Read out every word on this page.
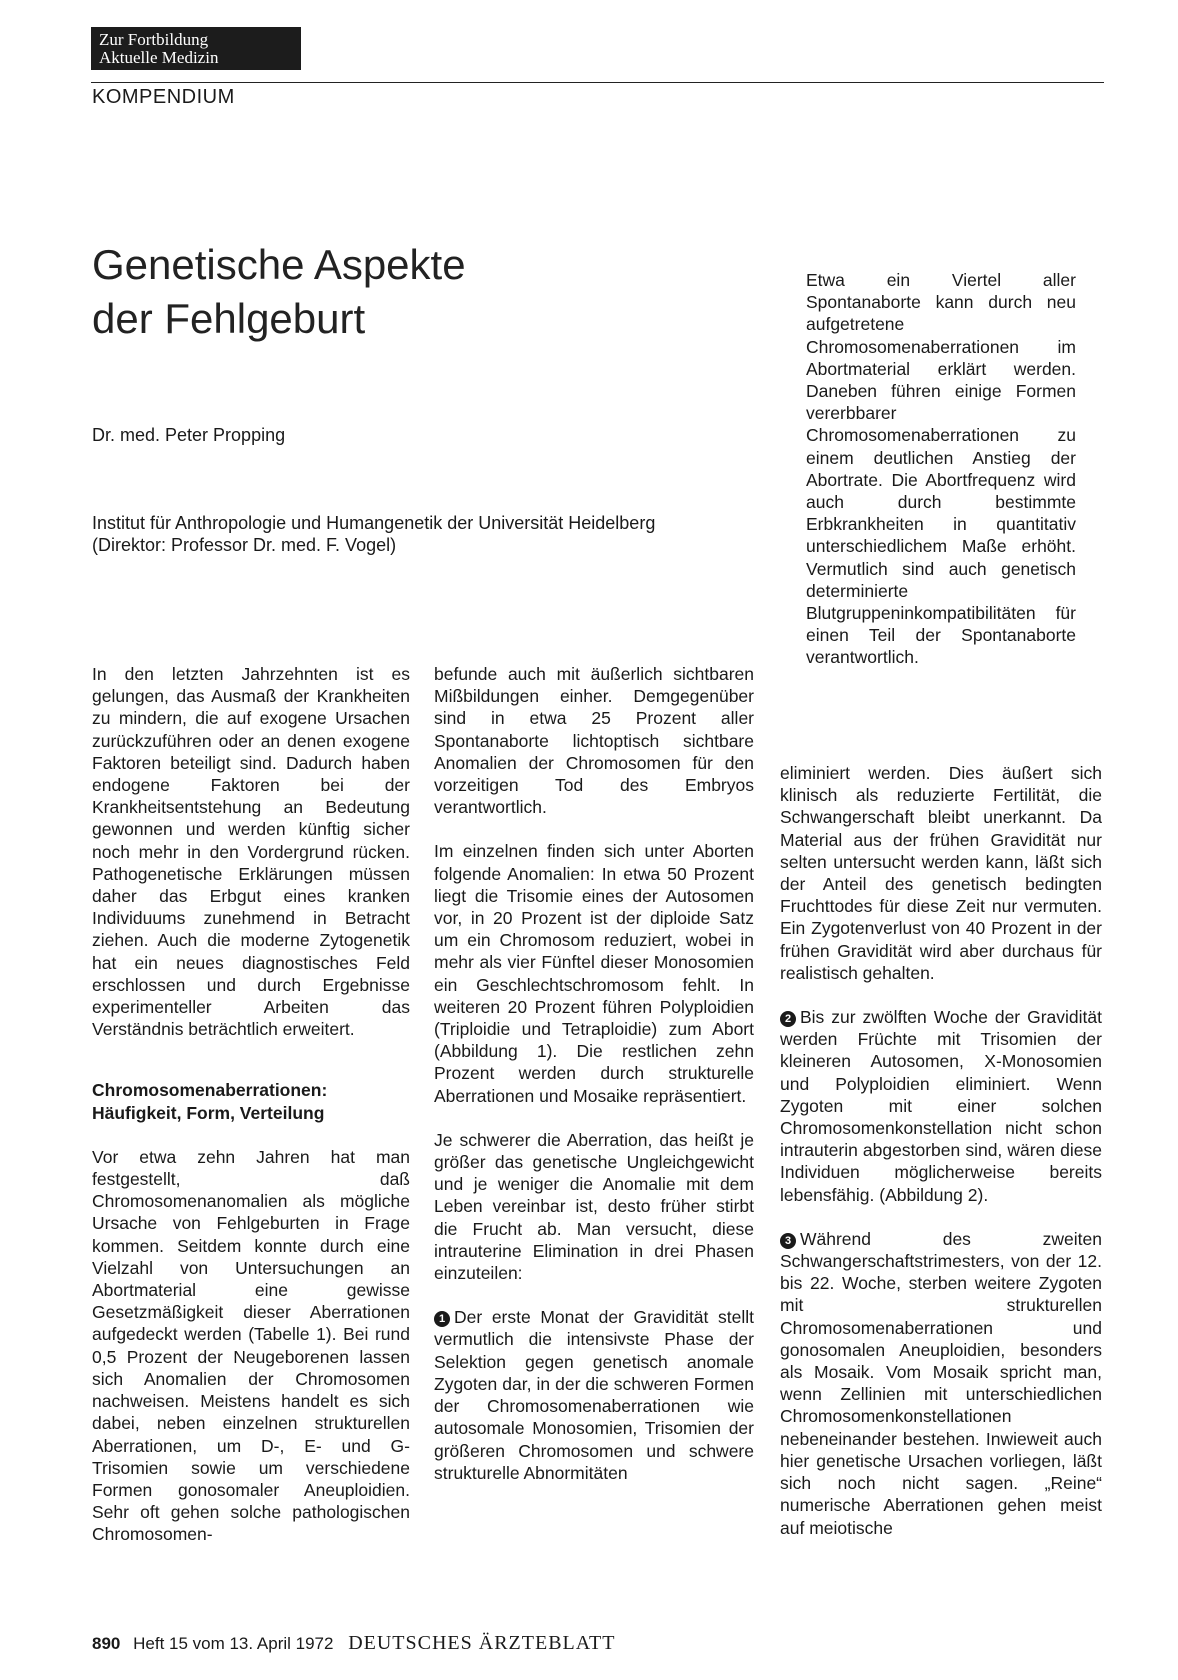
Zur Fortbildung
Aktuelle Medizin
KOMPENDIUM
Genetische Aspekte
der Fehlgeburt
Dr. med. Peter Propping
Institut für Anthropologie und Humangenetik der Universität Heidelberg
(Direktor: Professor Dr. med. F. Vogel)
Etwa ein Viertel aller Spontanaborte kann durch neu aufgetretene Chromosomenaberrationen im Abortmaterial erklärt werden. Daneben führen einige Formen vererbbarer Chromosomenaberrationen zu einem deutlichen Anstieg der Abortrate. Die Abortfrequenz wird auch durch bestimmte Erbkrankheiten in quantitativ unterschiedlichem Maße erhöht. Vermutlich sind auch genetisch determinierte Blutgruppeninkompatibilitäten für einen Teil der Spontanaborte verantwortlich.

In den letzten Jahrzehnten ist es gelungen, das Ausmaß der Krankheiten zu mindern, die auf exogene Ursachen zurückzuführen oder an denen exogene Faktoren beteiligt sind. Dadurch haben endogene Faktoren bei der Krankheitsentstehung an Bedeutung gewonnen und werden künftig sicher noch mehr in den Vordergrund rücken. Pathogenetische Erklärungen müssen daher das Erbgut eines kranken Individuums zunehmend in Betracht ziehen. Auch die moderne Zytogenetik hat ein neues diagnostisches Feld erschlossen und durch Ergebnisse experimenteller Arbeiten das Verständnis beträchtlich erweitert.

Chromosomenaberrationen:
Häufigkeit, Form, Verteilung

Vor etwa zehn Jahren hat man festgestellt, daß Chromosomenanomalien als mögliche Ursache von Fehlgeburten in Frage kommen. Seitdem konnte durch eine Vielzahl von Untersuchungen an Abortmaterial eine gewisse Gesetzmäßigkeit dieser Aberrationen aufgedeckt werden (Tabelle 1). Bei rund 0,5 Prozent der Neugeborenen lassen sich Anomalien der Chromosomen nachweisen. Meistens handelt es sich dabei, neben einzelnen strukturellen Aberrationen, um D-, E- und G-Trisomien sowie um verschiedene Formen gonosomaler Aneuploidien. Sehr oft gehen solche pathologischen Chromosomen-

befunde auch mit äußerlich sichtbaren Mißbildungen einher. Demgegenüber sind in etwa 25 Prozent aller Spontanaborte lichtoptisch sichtbare Anomalien der Chromosomen für den vorzeitigen Tod des Embryos verantwortlich.

Im einzelnen finden sich unter Aborten folgende Anomalien: In etwa 50 Prozent liegt die Trisomie eines der Autosomen vor, in 20 Prozent ist der diploide Satz um ein Chromosom reduziert, wobei in mehr als vier Fünftel dieser Monosomien ein Geschlechtschromosom fehlt. In weiteren 20 Prozent führen Polyploidien (Triploidie und Tetraploidie) zum Abort (Abbildung 1). Die restlichen zehn Prozent werden durch strukturelle Aberrationen und Mosaike repräsentiert.

Je schwerer die Aberration, das heißt je größer das genetische Ungleichgewicht und je weniger die Anomalie mit dem Leben vereinbar ist, desto früher stirbt die Frucht ab. Man versucht, diese intrauterine Elimination in drei Phasen einzuteilen:

1 Der erste Monat der Gravidität stellt vermutlich die intensivste Phase der Selektion gegen genetisch anomale Zygoten dar, in der die schweren Formen der Chromosomenaberrationen wie autosomale Monosomien, Trisomien der größeren Chromosomen und schwere strukturelle Abnormitäten

eliminiert werden. Dies äußert sich klinisch als reduzierte Fertilität, die Schwangerschaft bleibt unerkannt. Da Material aus der frühen Gravidität nur selten untersucht werden kann, läßt sich der Anteil des genetisch bedingten Fruchttodes für diese Zeit nur vermuten. Ein Zygotenverlust von 40 Prozent in der frühen Gravidität wird aber durchaus für realistisch gehalten.

2 Bis zur zwölften Woche der Gravidität werden Früchte mit Trisomien der kleineren Autosomen, X-Monosomien und Polyploidien eliminiert. Wenn Zygoten mit einer solchen Chromosomenkonstellation nicht schon intrauterin abgestorben sind, wären diese Individuen möglicherweise bereits lebensfähig. (Abbildung 2).

3 Während des zweiten Schwangerschaftstrimesters, von der 12. bis 22. Woche, sterben weitere Zygoten mit strukturellen Chromosomenaberrationen und gonosomalen Aneuploidien, besonders als Mosaik. Vom Mosaik spricht man, wenn Zellinien mit unterschiedlichen Chromosomenkonstellationen nebeneinander bestehen. Inwieweit auch hier genetische Ursachen vorliegen, läßt sich noch nicht sagen. „Reine“ numerische Aberrationen gehen meist auf meiotische

890 Heft 15 vom 13. April 1972 DEUTSCHES ÄRZTEBLATT
